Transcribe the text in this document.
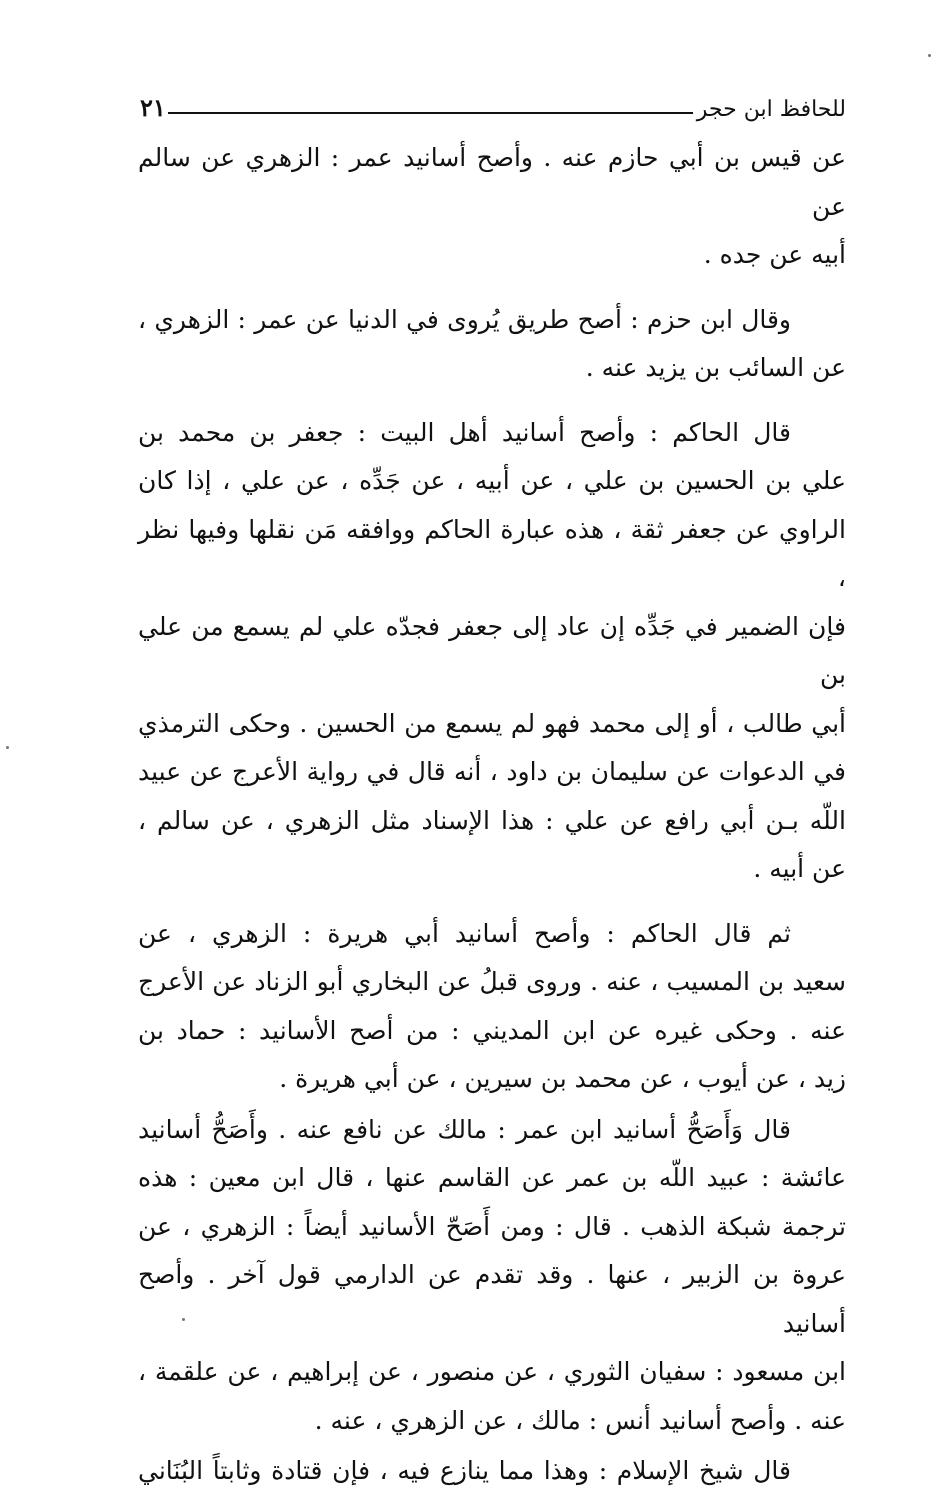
للحافظ ابن حجر
٢١

عن قيس بن أبي حازم عنه . وأصح أسانيد عمر : الزهري عن سالم عن
أبيه عن جده .

وقال ابن حزم : أصح طريق يُروى في الدنيا عن عمر : الزهري ،
عن السائب بن يزيد عنه .

قال الحاكم : وأصح أسانيد أهل البيت : جعفر بن محمد بن
علي بن الحسين بن علي ، عن أبيه ، عن جَدِّه ، عن علي ، إذا كان
الراوي عن جعفر ثقة ، هذه عبارة الحاكم ووافقه مَن نقلها وفيها نظر ،
فإن الضمير في جَدِّه إن عاد إلى جعفر فجدّه علي لم يسمع من علي بن
أبي طالب ، أو إلى محمد فهو لم يسمع من الحسين . وحكى الترمذي
في الدعوات عن سليمان بن داود ، أنه قال في رواية الأعرج عن عبيد
اللّه بـن أبي رافع عن علي : هذا الإسناد مثل الزهري ، عن سالم ،
عن أبيه .

ثم قال الحاكم : وأصح أسانيد أبي هريرة : الزهري ، عن
سعيد بن المسيب ، عنه . وروى قبلُ عن البخاري أبو الزناد عن الأعرج
عنه . وحكى غيره عن ابن المديني : من أصح الأسانيد : حماد بن
زيد ، عن أيوب ، عن محمد بن سيرين ، عن أبي هريرة .

قال وَأَصَحُّ أسانيد ابن عمر : مالك عن نافع عنه . وأَصَحُّ أسانيد
عائشة : عبيد اللّه بن عمر عن القاسم عنها ، قال ابن معين : هذه
ترجمة شبكة الذهب . قال : ومن أَصَحّ الأسانيد أيضاً : الزهري ، عن
عروة بن الزبير ، عنها . وقد تقدم عن الدارمي قول آخر . وأصح أسانيد
ابن مسعود : سفيان الثوري ، عن منصور ، عن إبراهيم ، عن علقمة ،
عنه . وأصح أسانيد أنس : مالك ، عن الزهري ، عنه .

قال شيخ الإسلام : وهذا مما ينازع فيه ، فإن قتادة وثابتاً البُنَاني
